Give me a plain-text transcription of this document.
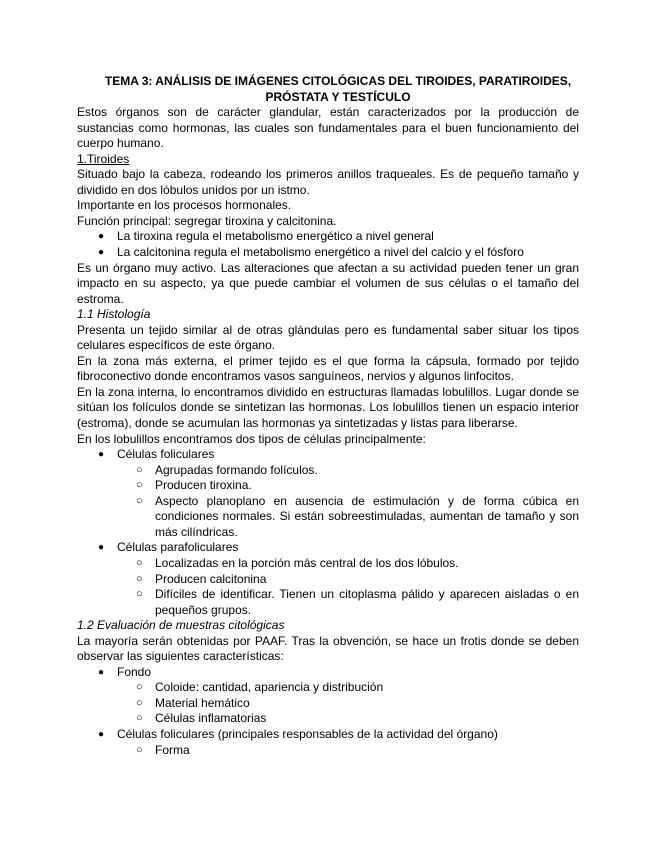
TEMA 3: ANÁLISIS DE IMÁGENES CITOLÓGICAS DEL TIROIDES, PARATIROIDES, PRÓSTATA Y TESTÍCULO

Estos órganos son de carácter glandular, están caracterizados por la producción de sustancias como hormonas, las cuales son fundamentales para el buen funcionamiento del cuerpo humano.

1.Tiroides

Situado bajo la cabeza, rodeando los primeros anillos traqueales. Es de pequeño tamaño y dividido en dos lóbulos unidos por un istmo.

Importante en los procesos hormonales.

Función principal: segregar tiroxina y calcitonina.

● La tiroxina regula el metabolismo energético a nivel general
● La calcitonina regula el metabolismo energético a nivel del calcio y el fósforo

Es un órgano muy activo. Las alteraciones que afectan a su actividad pueden tener un gran impacto en su aspecto, ya que puede cambiar el volumen de sus células o el tamaño del estroma.

1.1 Histología

Presenta un tejido similar al de otras glándulas pero es fundamental saber situar los tipos celulares específicos de este órgano.

En la zona más externa, el primer tejido es el que forma la cápsula, formado por tejido fibroconectivo donde encontramos vasos sanguíneos, nervios y algunos linfocitos.

En la zona interna, lo encontramos dividido en estructuras llamadas lobulillos. Lugar donde se sitúan los folículos donde se sintetizan las hormonas. Los lobulillos tienen un espacio interior (estroma), donde se acumulan las hormonas ya sintetizadas y listas para liberarse.

En los lobulillos encontramos dos tipos de células principalmente:

● Células foliculares
○ Agrupadas formando folículos.
○ Producen tiroxina.
○ Aspecto planoplano en ausencia de estimulación y de forma cúbica en condiciones normales. Si están sobreestimuladas, aumentan de tamaño y son más cilíndricas.
● Células parafoliculares
○ Localizadas en la porción más central de los dos lóbulos.
○ Producen calcitonina
○ Difíciles de identificar. Tienen un citoplasma pálido y aparecen aisladas o en pequeños grupos.

1.2 Evaluación de muestras citológicas

La mayoría serán obtenidas por PAAF. Tras la obvención, se hace un frotis donde se deben observar las siguientes características:

● Fondo
○ Coloide: cantidad, apariencia y distribución
○ Material hemático
○ Células inflamatorias
● Células foliculares (principales responsables de la actividad del órgano)
○ Forma
